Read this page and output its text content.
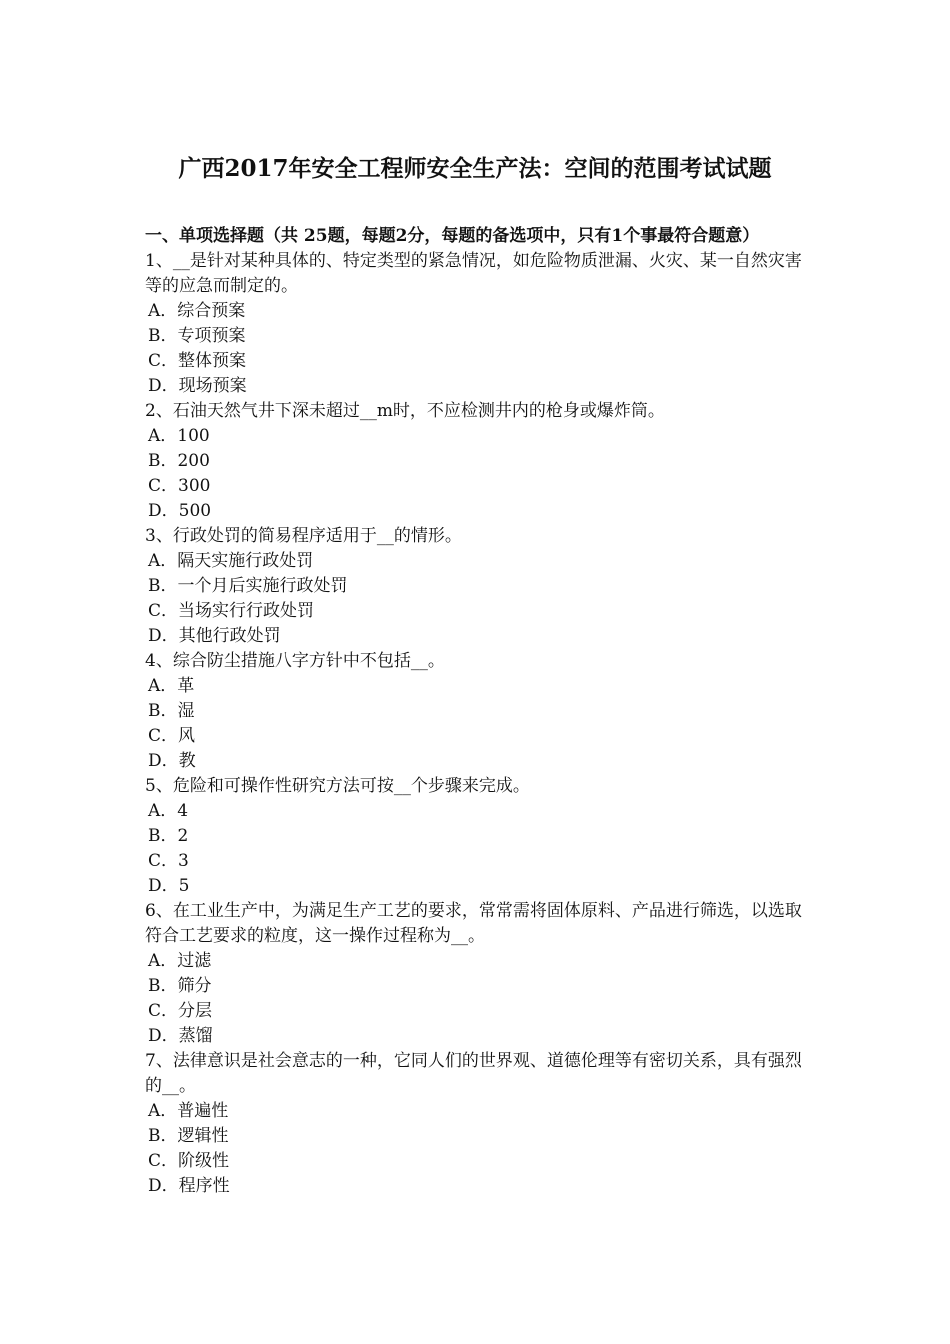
广西2017年安全工程师安全生产法：空间的范围考试试题

一、单项选择题（共 25题，每题2分，每题的备选项中，只有1个事最符合题意）

1、__是针对某种具体的、特定类型的紧急情况，如危险物质泄漏、火灾、某一自然灾害等的应急而制定的。

A．综合预案
B．专项预案
C．整体预案
D．现场预案

2、石油天然气井下深未超过__m时，不应检测井内的枪身或爆炸筒。

A．100
B．200
C．300
D．500

3、行政处罚的简易程序适用于__的情形。

A．隔天实施行政处罚
B．一个月后实施行政处罚
C．当场实行行政处罚
D．其他行政处罚

4、综合防尘措施八字方针中不包括__。

A．革
B．湿
C．风
D．教

5、危险和可操作性研究方法可按__个步骤来完成。

A．4
B．2
C．3
D．5

6、在工业生产中，为满足生产工艺的要求，常常需将固体原料、产品进行筛选，以选取符合工艺要求的粒度，这一操作过程称为__。

A．过滤
B．筛分
C．分层
D．蒸馏

7、法律意识是社会意志的一种，它同人们的世界观、道德伦理等有密切关系，具有强烈的__。

A．普遍性
B．逻辑性
C．阶级性
D．程序性
